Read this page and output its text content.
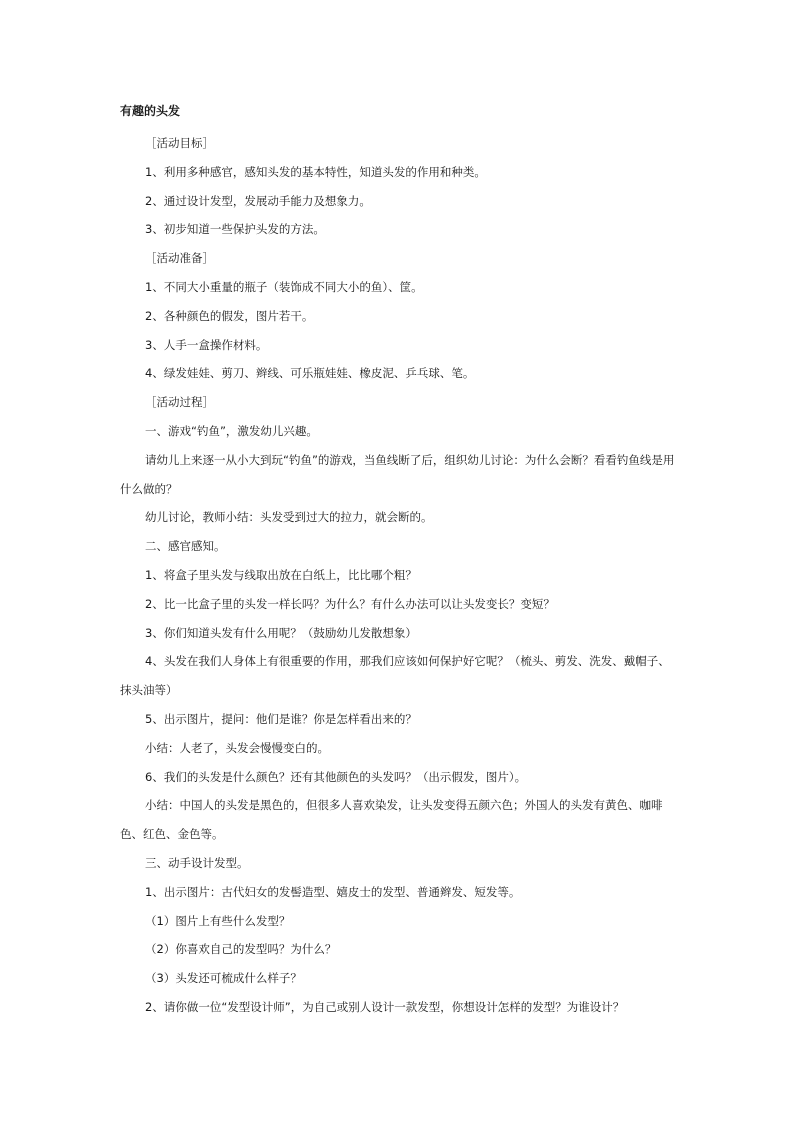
有趣的头发

［活动目标］

1、利用多种感官，感知头发的基本特性，知道头发的作用和种类。

2、通过设计发型，发展动手能力及想象力。

3、初步知道一些保护头发的方法。

［活动准备］

1、不同大小重量的瓶子（装饰成不同大小的鱼）、筐。

2、各种颜色的假发，图片若干。

3、人手一盒操作材料。

4、绿发娃娃、剪刀、辫线、可乐瓶娃娃、橡皮泥、乒乓球、笔。

［活动过程］

一、游戏“钓鱼”，激发幼儿兴趣。

请幼儿上来逐一从小大到玩“钓鱼”的游戏，当鱼线断了后，组织幼儿讨论：为什么会断？看看钓鱼线是用什么做的？

幼儿讨论，教师小结：头发受到过大的拉力，就会断的。

二、感官感知。

1、将盒子里头发与线取出放在白纸上，比比哪个粗？

2、比一比盒子里的头发一样长吗？为什么？有什么办法可以让头发变长？变短？

3、你们知道头发有什么用呢？（鼓励幼儿发散想象）

4、头发在我们人身体上有很重要的作用，那我们应该如何保护好它呢？（梳头、剪发、洗发、戴帽子、抹头油等）

5、出示图片，提问：他们是谁？你是怎样看出来的？

小结：人老了，头发会慢慢变白的。

6、我们的头发是什么颜色？还有其他颜色的头发吗？（出示假发，图片）。

小结：中国人的头发是黑色的，但很多人喜欢染发，让头发变得五颜六色；外国人的头发有黄色、咖啡色、红色、金色等。

三、动手设计发型。

1、出示图片：古代妇女的发髻造型、嬉皮士的发型、普通辫发、短发等。

（1）图片上有些什么发型？

（2）你喜欢自己的发型吗？为什么？

（3）头发还可梳成什么样子？

2、请你做一位“发型设计师”，为自己或别人设计一款发型，你想设计怎样的发型？为谁设计？
